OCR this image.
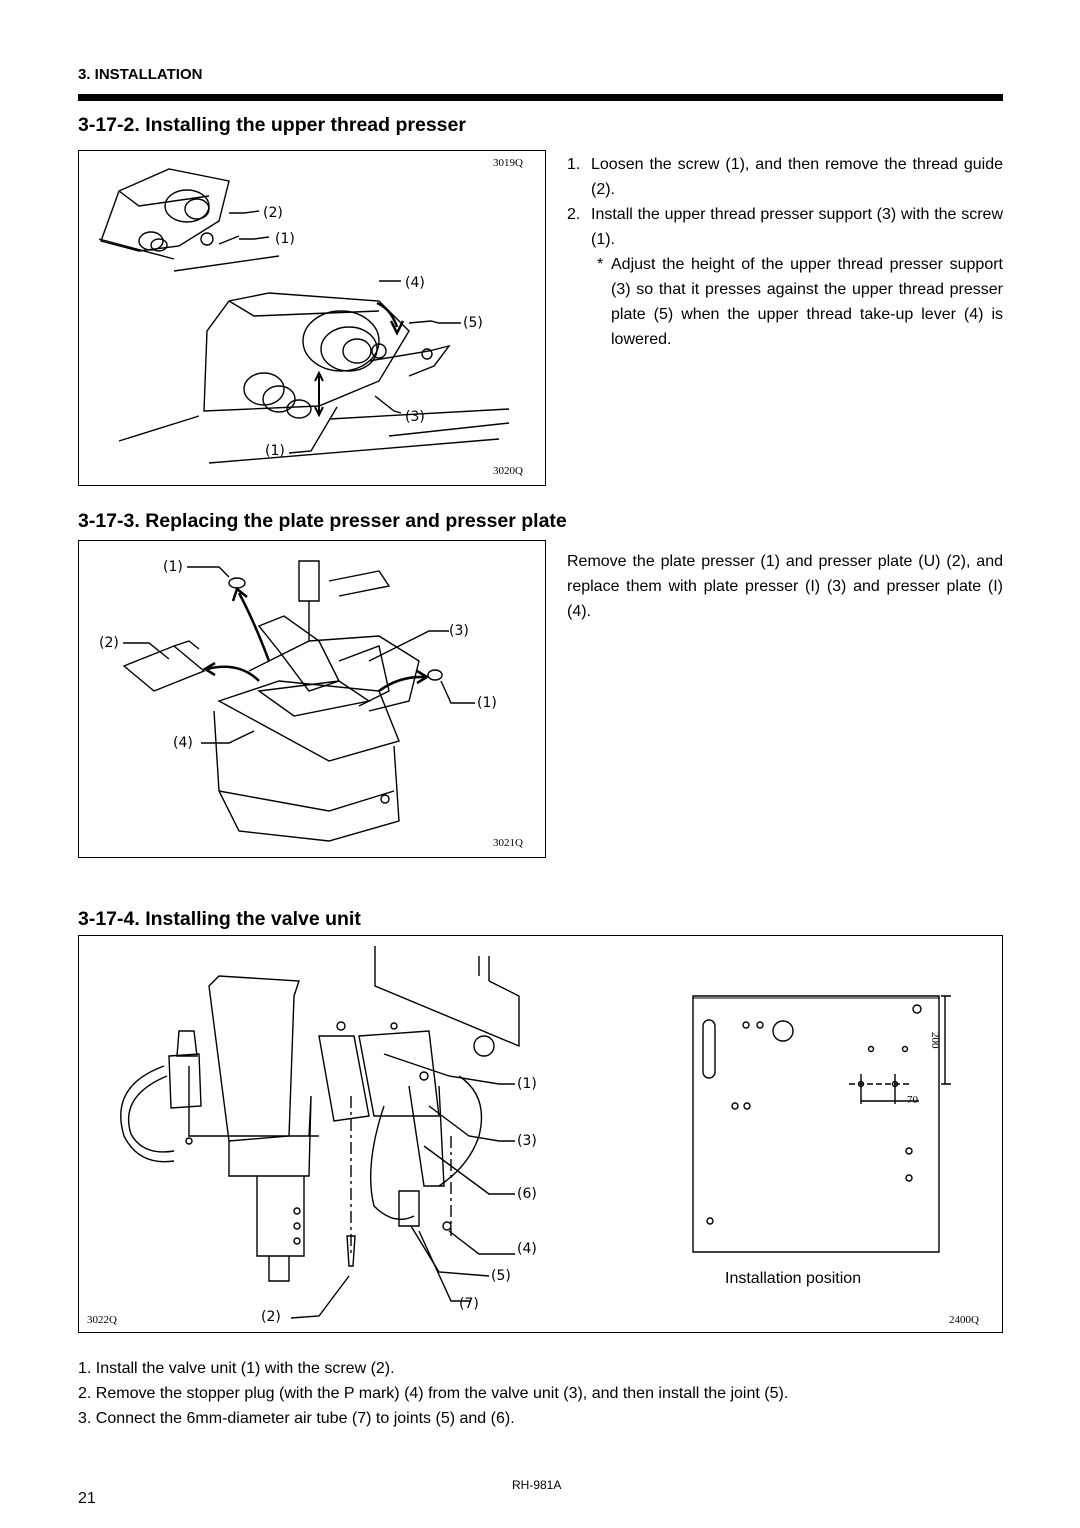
3. INSTALLATION
3-17-2. Installing the upper thread presser
3019Q
3020Q
(2)
(1)
(4)
(5)
(3)
(1)
1. Loosen the screw (1), and then remove the thread guide (2).
2. Install the upper thread presser support (3) with the screw (1).
* Adjust the height of the upper thread presser support (3) so that it presses against the upper thread presser plate (5) when the upper thread take-up lever (4) is lowered.
3-17-3. Replacing the plate presser and presser plate
3021Q
(1)
(3)
(2)
(1)
(4)
Remove the plate presser (1) and presser plate (U) (2), and replace them with plate presser (I) (3) and presser plate (I) (4).
3-17-4. Installing the valve unit
(1)
(3)
(6)
(4)
(5)
(7)
(2)
3022Q	2400Q
200
70
Installation position
1. Install the valve unit (1) with the screw (2).
2. Remove the stopper plug (with the P mark) (4) from the valve unit (3), and then install the joint (5).
3. Connect the 6mm-diameter air tube (7) to joints (5) and (6).
RH-981A
21
